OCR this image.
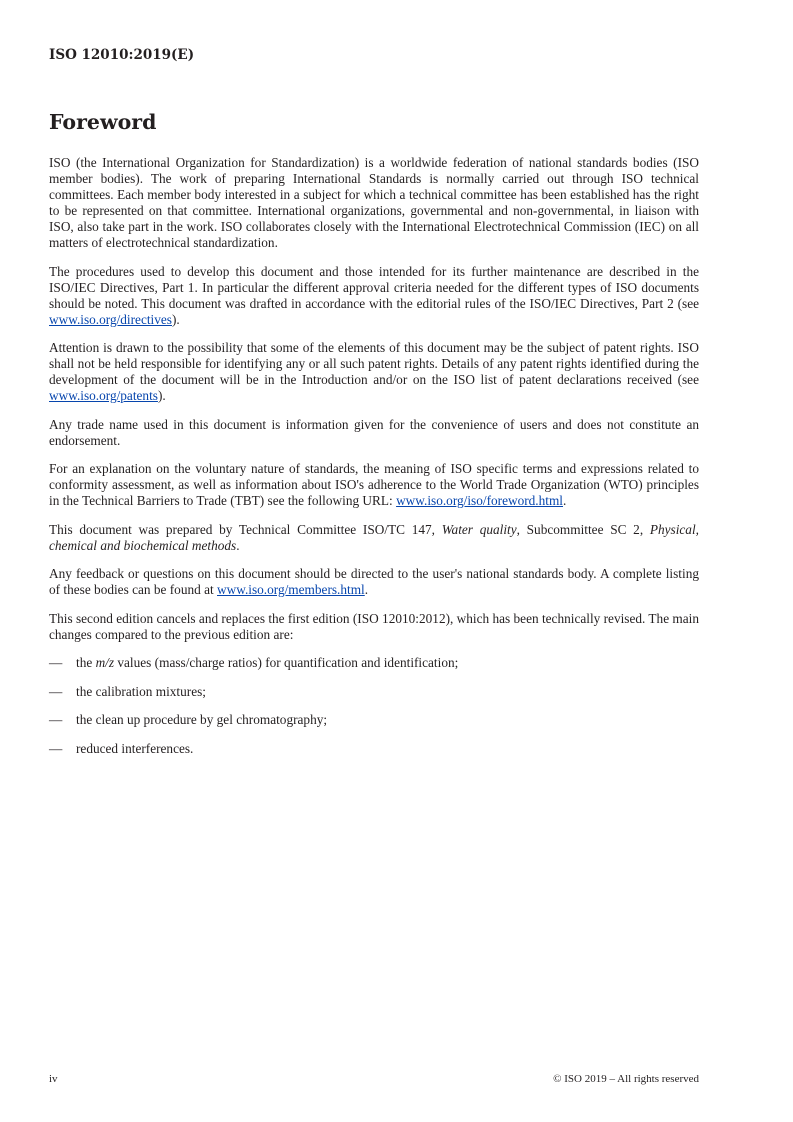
ISO 12010:2019(E)
Foreword

ISO (the International Organization for Standardization) is a worldwide federation of national standards bodies (ISO member bodies). The work of preparing International Standards is normally carried out through ISO technical committees. Each member body interested in a subject for which a technical committee has been established has the right to be represented on that committee. International organizations, governmental and non-governmental, in liaison with ISO, also take part in the work. ISO collaborates closely with the International Electrotechnical Commission (IEC) on all matters of electrotechnical standardization.

The procedures used to develop this document and those intended for its further maintenance are described in the ISO/IEC Directives, Part 1. In particular the different approval criteria needed for the different types of ISO documents should be noted. This document was drafted in accordance with the editorial rules of the ISO/IEC Directives, Part 2 (see www.iso.org/directives).

Attention is drawn to the possibility that some of the elements of this document may be the subject of patent rights. ISO shall not be held responsible for identifying any or all such patent rights. Details of any patent rights identified during the development of the document will be in the Introduction and/or on the ISO list of patent declarations received (see www.iso.org/patents).

Any trade name used in this document is information given for the convenience of users and does not constitute an endorsement.

For an explanation on the voluntary nature of standards, the meaning of ISO specific terms and expressions related to conformity assessment, as well as information about ISO's adherence to the World Trade Organization (WTO) principles in the Technical Barriers to Trade (TBT) see the following URL: www.iso.org/iso/foreword.html.

This document was prepared by Technical Committee ISO/TC 147, Water quality, Subcommittee SC 2, Physical, chemical and biochemical methods.

Any feedback or questions on this document should be directed to the user's national standards body. A complete listing of these bodies can be found at www.iso.org/members.html.

This second edition cancels and replaces the first edition (ISO 12010:2012), which has been technically revised. The main changes compared to the previous edition are:

—	the m/z values (mass/charge ratios) for quantification and identification;
—	the calibration mixtures;
—	the clean up procedure by gel chromatography;
—	reduced interferences.
iv	© ISO 2019 – All rights reserved
